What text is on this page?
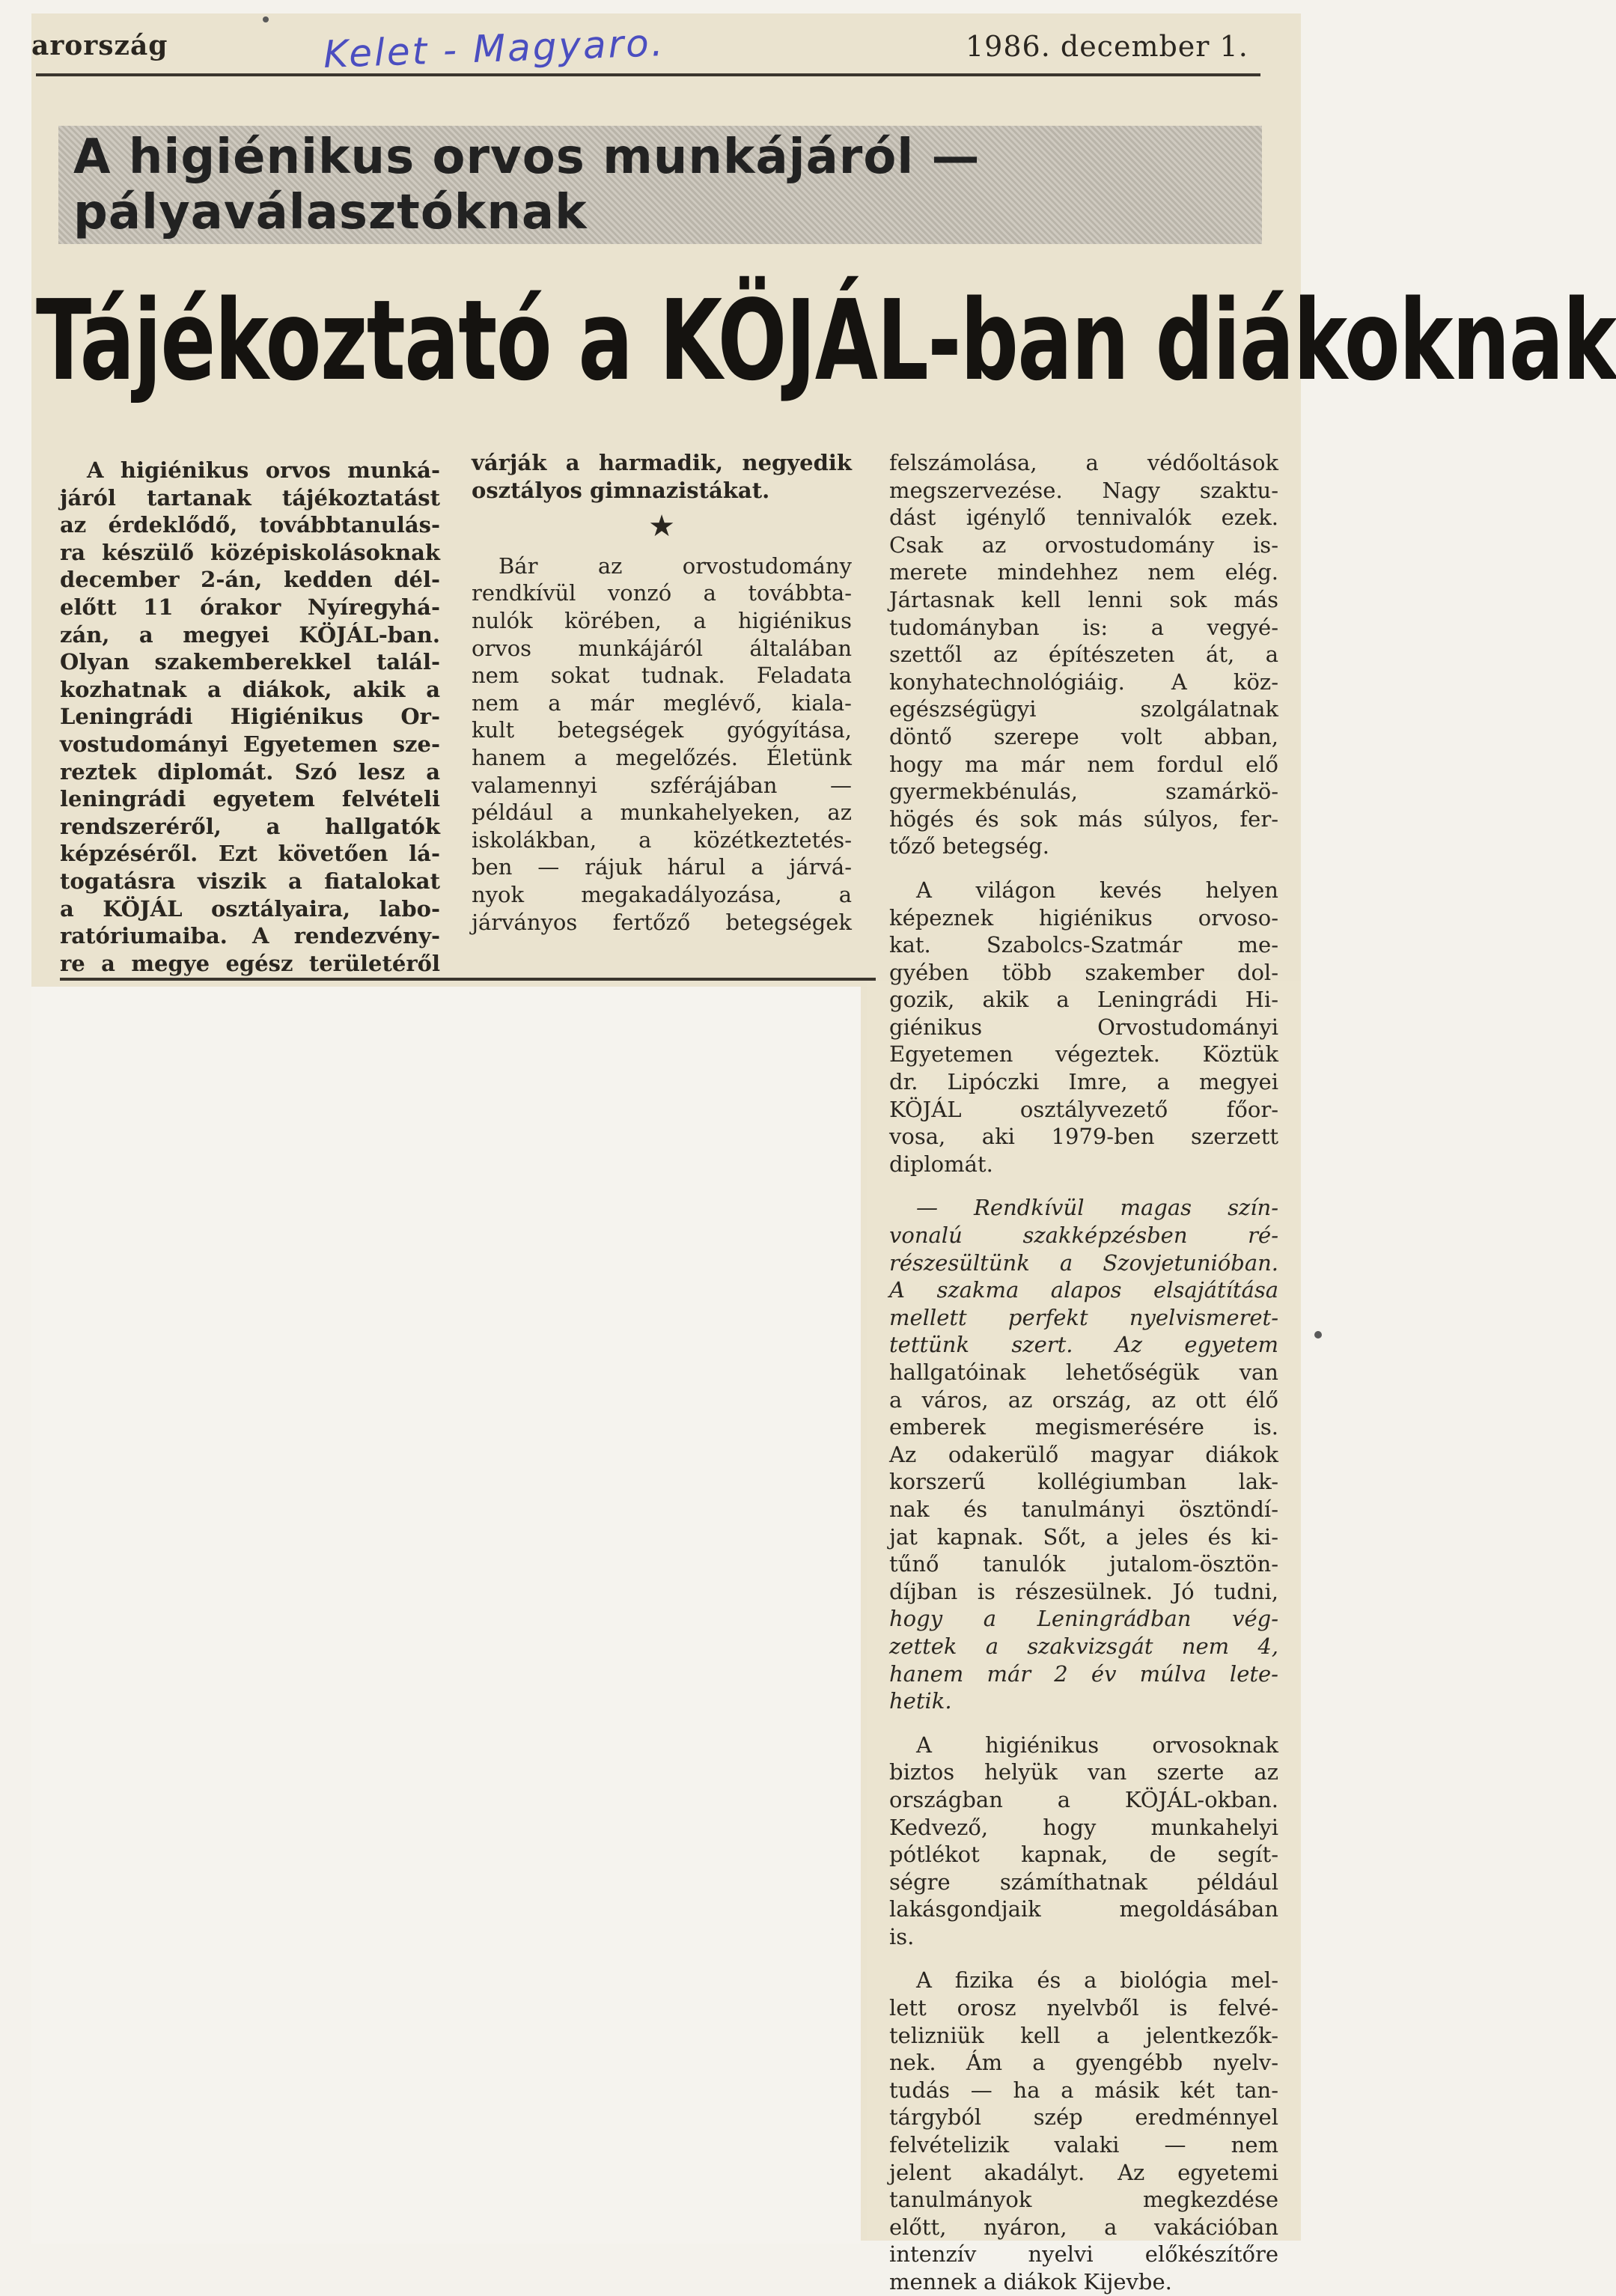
arország	Kelet - Magyaro.	1986. december 1.
A higiénikus orvos munkájáról — pályaválasztóknak
Tájékoztató a KÖJÁL-ban diákoknak
A higiénikus orvos munká-
járól tartanak tájékoztatást
az érdeklődő, továbbtanulás-
ra készülő középiskolásoknak
december 2-án, kedden dél-
előtt 11 órakor Nyíregyhá-
zán, a megyei KÖJÁL-ban.
Olyan szakemberekkel talál-
kozhatnak a diákok, akik a
Leningrádi Higiénikus Or-
vostudományi Egyetemen sze-
reztek diplomát. Szó lesz a
leningrádi egyetem felvételi
rendszeréről, a hallgatók
képzéséről. Ezt követően lá-
togatásra viszik a fiatalokat
a KÖJÁL osztályaira, labo-
ratóriumaiba. A rendezvény-
re a megye egész területéről
várják a harmadik, negyedik
osztályos gimnazistákat.
★
Bár az orvostudomány
rendkívül vonzó a továbbta-
nulók körében, a higiénikus
orvos munkájáról általában
nem sokat tudnak. Feladata
nem a már meglévő, kiala-
kult betegségek gyógyítása,
hanem a megelőzés. Életünk
valamennyi szférájában —
például a munkahelyeken, az
iskolákban, a közétkeztetés-
ben — rájuk hárul a járvá-
nyok megakadályozása, a
járványos fertőző betegségek
felszámolása, a védőoltások
megszervezése. Nagy szaktu-
dást igénylő tennivalók ezek.
Csak az orvostudomány is-
merete mindehhez nem elég.
Jártasnak kell lenni sok más
tudományban is: a vegyé-
szettől az építészeten át, a
konyhatechnológiáig. A köz-
egészségügyi szolgálatnak
döntő szerepe volt abban,
hogy ma már nem fordul elő
gyermekbénulás, szamárkö-
högés és sok más súlyos, fer-
tőző betegség.
A világon kevés helyen
képeznek higiénikus orvoso-
kat. Szabolcs-Szatmár me-
gyében több szakember dol-
gozik, akik a Leningrádi Hi-
giénikus Orvostudományi
Egyetemen végeztek. Köztük
dr. Lipóczki Imre, a megyei
KÖJÁL osztályvezető főor-
vosa, aki 1979-ben szerzett
diplomát.
— Rendkívül magas szín-
vonalú szakképzésben ré-
részesültünk a Szovjetunióban.
A szakma alapos elsajátítása
mellett perfekt nyelvismeret-
tettünk szert. Az egyetem
hallgatóinak lehetőségük van
a város, az ország, az ott élő
emberek megismerésére is.
Az odakerülő magyar diákok
korszerű kollégiumban lak-
nak és tanulmányi ösztöndí-
jat kapnak. Sőt, a jeles és ki-
tűnő tanulók jutalom-ösztön-
díjban is részesülnek. Jó tudni,
hogy a Leningrádban vég-
zettek a szakvizsgát nem 4,
hanem már 2 év múlva lete-
hetik.
A higiénikus orvosoknak
biztos helyük van szerte az
országban a KÖJÁL-okban.
Kedvező, hogy munkahelyi
pótlékot kapnak, de segít-
ségre számíthatnak például
lakásgondjaik megoldásában
is.
A fizika és a biológia mel-
lett orosz nyelvből is felvé-
telizniük kell a jelentkezők-
nek. Ám a gyengébb nyelv-
tudás — ha a másik két tan-
tárgyból szép eredménnyel
felvételizik valaki — nem
jelent akadályt. Az egyetemi
tanulmányok megkezdése
előtt, nyáron, a vakációban
intenzív nyelvi előkészítőre
mennek a diákok Kijevbe.
